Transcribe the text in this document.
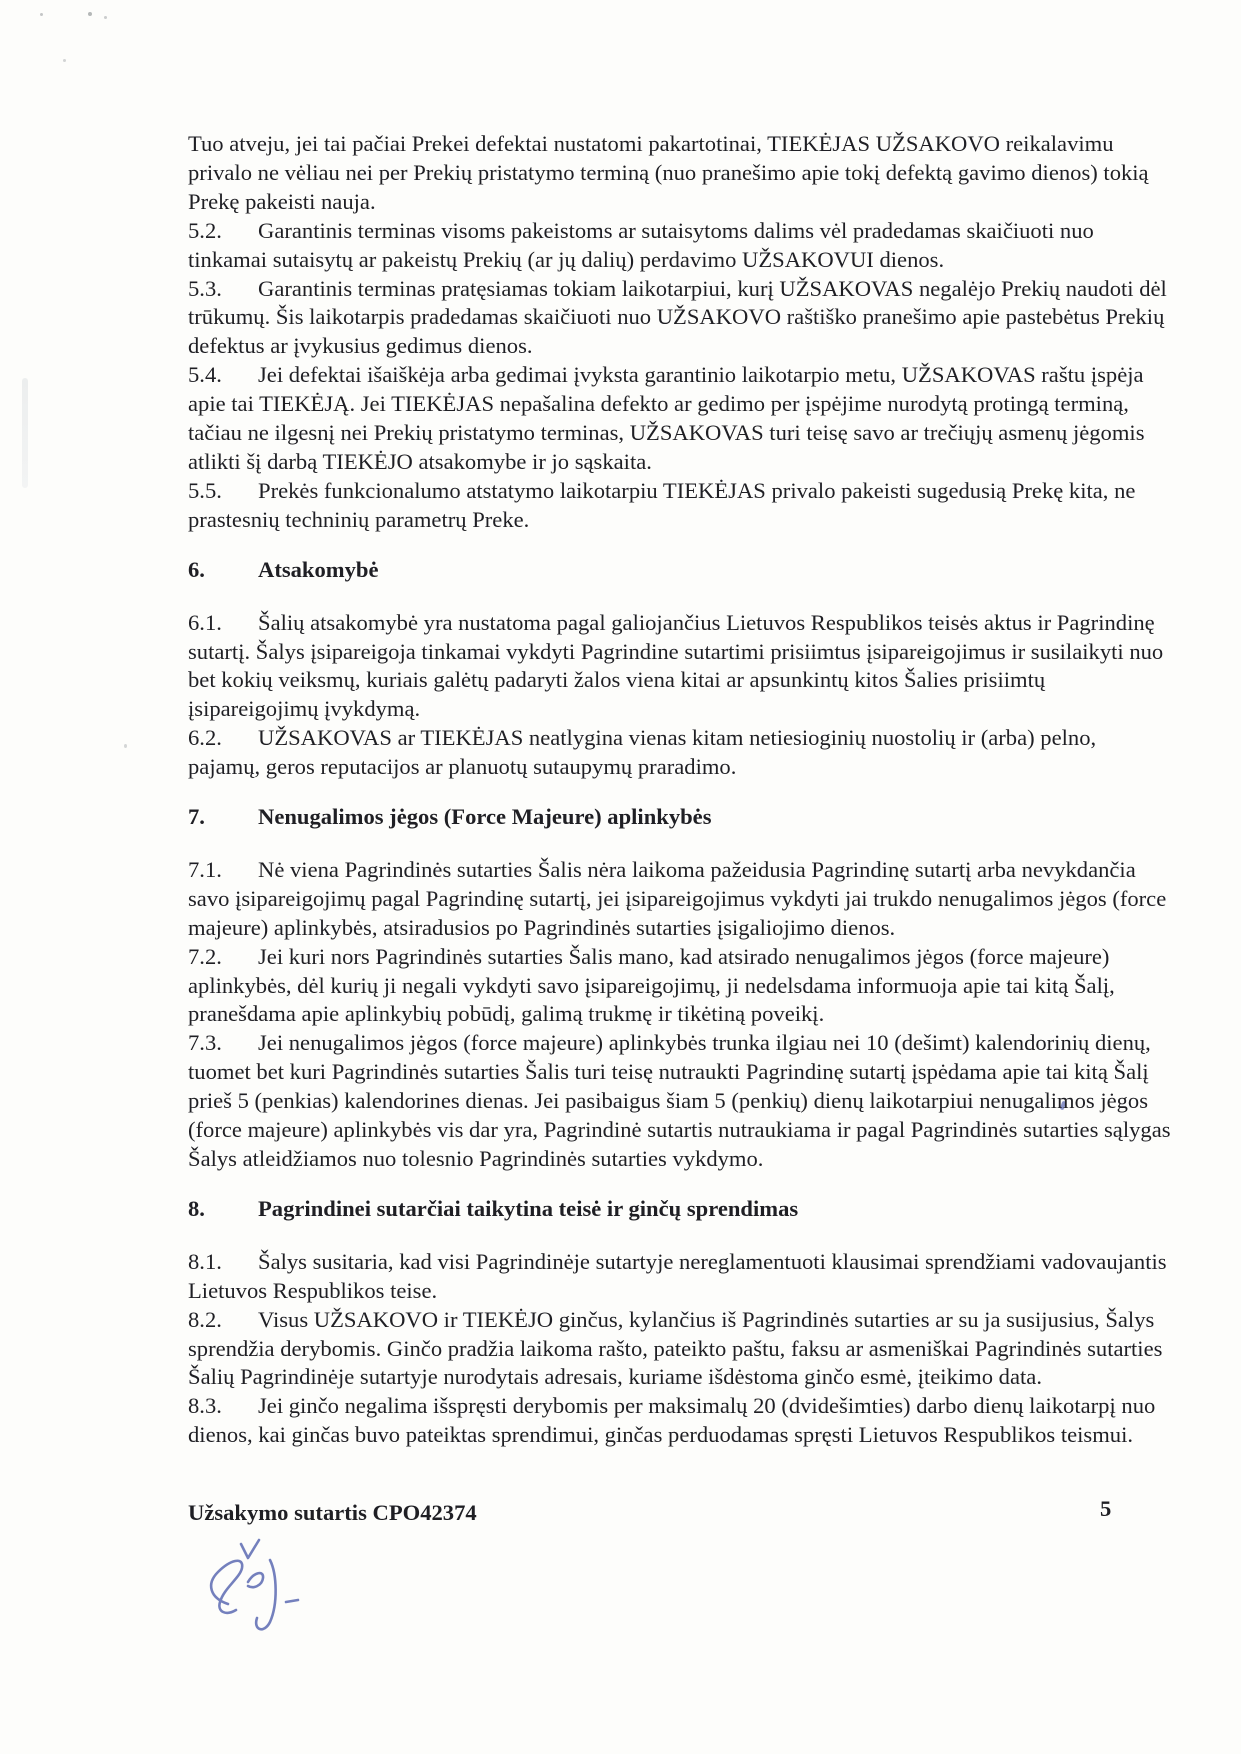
Tuo atveju, jei tai pačiai Prekei defektai nustatomi pakartotinai, TIEKĖJAS UŽSAKOVO reikalavimu privalo ne vėliau nei per Prekių pristatymo terminą (nuo pranešimo apie tokį defektą gavimo dienos) tokią Prekę pakeisti nauja.

5.2. Garantinis terminas visoms pakeistoms ar sutaisytoms dalims vėl pradedamas skaičiuoti nuo tinkamai sutaisytų ar pakeistų Prekių (ar jų dalių) perdavimo UŽSAKOVUI dienos.

5.3. Garantinis terminas pratęsiamas tokiam laikotarpiui, kurį UŽSAKOVAS negalėjo Prekių naudoti dėl trūkumų. Šis laikotarpis pradedamas skaičiuoti nuo UŽSAKOVO raštiško pranešimo apie pastebėtus Prekių defektus ar įvykusius gedimus dienos.

5.4. Jei defektai išaiškėja arba gedimai įvyksta garantinio laikotarpio metu, UŽSAKOVAS raštu įspėja apie tai TIEKĖJĄ. Jei TIEKĖJAS nepašalina defekto ar gedimo per įspėjime nurodytą protingą terminą, tačiau ne ilgesnį nei Prekių pristatymo terminas, UŽSAKOVAS turi teisę savo ar trečiųjų asmenų jėgomis atlikti šį darbą TIEKĖJO atsakomybe ir jo sąskaita.

5.5. Prekės funkcionalumo atstatymo laikotarpiu TIEKĖJAS privalo pakeisti sugedusią Prekę kita, ne prastesnių techninių parametrų Preke.

6. Atsakomybė

6.1. Šalių atsakomybė yra nustatoma pagal galiojančius Lietuvos Respublikos teisės aktus ir Pagrindinę sutartį. Šalys įsipareigoja tinkamai vykdyti Pagrindine sutartimi prisiimtus įsipareigojimus ir susilaikyti nuo bet kokių veiksmų, kuriais galėtų padaryti žalos viena kitai ar apsunkintų kitos Šalies prisiimtų įsipareigojimų įvykdymą.

6.2. UŽSAKOVAS ar TIEKĖJAS neatlygina vienas kitam netiesioginių nuostolių ir (arba) pelno, pajamų, geros reputacijos ar planuotų sutaupymų praradimo.

7. Nenugalimos jėgos (Force Majeure) aplinkybės

7.1. Nė viena Pagrindinės sutarties Šalis nėra laikoma pažeidusia Pagrindinę sutartį arba nevykdančia savo įsipareigojimų pagal Pagrindinę sutartį, jei įsipareigojimus vykdyti jai trukdo nenugalimos jėgos (force majeure) aplinkybės, atsiradusios po Pagrindinės sutarties įsigaliojimo dienos.

7.2. Jei kuri nors Pagrindinės sutarties Šalis mano, kad atsirado nenugalimos jėgos (force majeure) aplinkybės, dėl kurių ji negali vykdyti savo įsipareigojimų, ji nedelsdama informuoja apie tai kitą Šalį, pranešdama apie aplinkybių pobūdį, galimą trukmę ir tikėtiną poveikį.

7.3. Jei nenugalimos jėgos (force majeure) aplinkybės trunka ilgiau nei 10 (dešimt) kalendorinių dienų, tuomet bet kuri Pagrindinės sutarties Šalis turi teisę nutraukti Pagrindinę sutartį įspėdama apie tai kitą Šalį prieš 5 (penkias) kalendorines dienas. Jei pasibaigus šiam 5 (penkių) dienų laikotarpiui nenugalimos jėgos (force majeure) aplinkybės vis dar yra, Pagrindinė sutartis nutraukiama ir pagal Pagrindinės sutarties sąlygas Šalys atleidžiamos nuo tolesnio Pagrindinės sutarties vykdymo.

8. Pagrindinei sutarčiai taikytina teisė ir ginčų sprendimas

8.1. Šalys susitaria, kad visi Pagrindinėje sutartyje nereglamentuoti klausimai sprendžiami vadovaujantis Lietuvos Respublikos teise.

8.2. Visus UŽSAKOVO ir TIEKĖJO ginčus, kylančius iš Pagrindinės sutarties ar su ja susijusius, Šalys sprendžia derybomis. Ginčo pradžia laikoma rašto, pateikto paštu, faksu ar asmeniškai Pagrindinės sutarties Šalių Pagrindinėje sutartyje nurodytais adresais, kuriame išdėstoma ginčo esmė, įteikimo data.

8.3. Jei ginčo negalima išspręsti derybomis per maksimalų 20 (dvidešimties) darbo dienų laikotarpį nuo dienos, kai ginčas buvo pateiktas sprendimui, ginčas perduodamas spręsti Lietuvos Respublikos teismui.

Užsakymo sutartis CPO42374	5
